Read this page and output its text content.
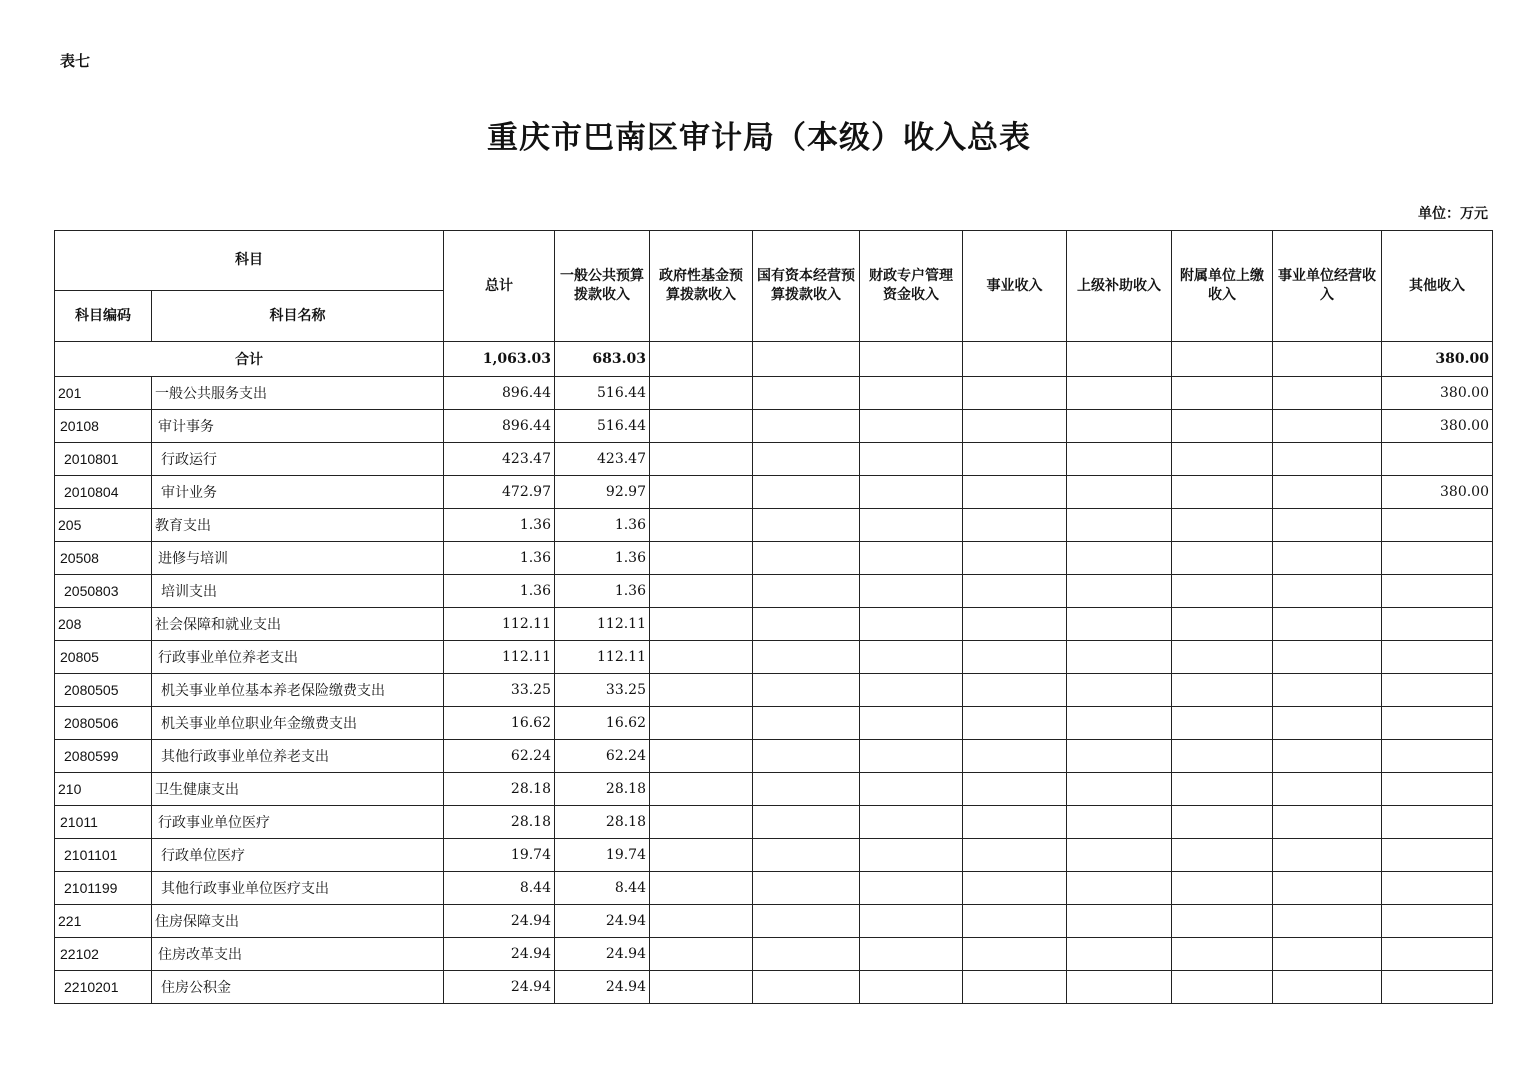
表七
重庆市巴南区审计局（本级）收入总表
单位：万元
科目		总计	一般公共预算拨款收入	政府性基金预算拨款收入	国有资本经营预算拨款收入	财政专户管理资金收入	事业收入	上级补助收入	附属单位上缴收入	事业单位经营收入	其他收入
科目编码	科目名称										
合计		1,063.03	683.03								380.00
201	一般公共服务支出	896.44	516.44								380.00
20108	审计事务	896.44	516.44								380.00
2010801	行政运行	423.47	423.47								
2010804	审计业务	472.97	92.97								380.00
205	教育支出	1.36	1.36								
20508	进修与培训	1.36	1.36								
2050803	培训支出	1.36	1.36								
208	社会保障和就业支出	112.11	112.11								
20805	行政事业单位养老支出	112.11	112.11								
2080505	机关事业单位基本养老保险缴费支出	33.25	33.25								
2080506	机关事业单位职业年金缴费支出	16.62	16.62								
2080599	其他行政事业单位养老支出	62.24	62.24								
210	卫生健康支出	28.18	28.18								
21011	行政事业单位医疗	28.18	28.18								
2101101	行政单位医疗	19.74	19.74								
2101199	其他行政事业单位医疗支出	8.44	8.44								
221	住房保障支出	24.94	24.94								
22102	住房改革支出	24.94	24.94								
2210201	住房公积金	24.94	24.94								
